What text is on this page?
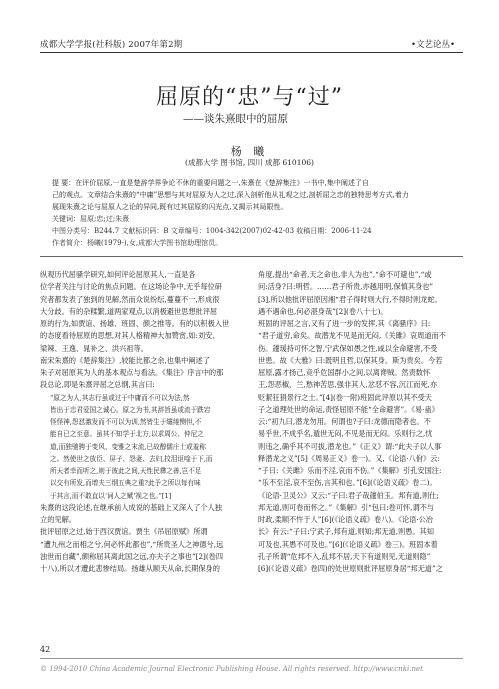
成都大学学报(社科版) 2007年第2期	•文艺论丛•
屈原的“忠”与“过”
——谈朱熹眼中的屈原
杨 曦
(成都大学 图书馆, 四川 成都 610106)
提 要：在评价屈原,一直是楚辞学界争论不休的重要问题之一,朱熹在《楚辞集注》一书中,集中阐述了自
己的观点。文章结合朱熹的“中庸”思想与其对屈原为人之过,深入剖析他从礼观之过,剖析屈之忠的独特思考方式,着力
展现朱熹之论与屈原人之论的异同,既有过其屈原的闪光点,又揭示其局限性。
关键词：屈原;忠;过;朱熹
中图分类号：B244.7 文献标识码：B 文章编号：1004-342(2007)02-42-03 收稿日期：2006-11-24
作者简介：杨曦(1979-),女,成都大学图书馆助理馆员。
纵观历代屈骚学研究,如何评论屈原其人,一直是各
位学者关注与讨论的焦点问题。在这场论争中,无乎每位研
究者都发表了独到的见解,然而众说纷纭,蔓蔓不一,形成很
大分歧。有的杂糅繁,道两家观点,以消极避世思想批评屈
原的行为,如贾谊、扬雄、班固、颜之推等。有的以积极入世
的态度看待屈原的思想,对其人格精神大加赞赏,如:刘安、
梁辣、王逸、晁补之、洪兴祖等。
南宋朱熹的《楚辞集注》,较能比都之余,也集中阐述了
朱子对屈原其为人的基本观点与看法。《集注》序言中的那
段总论,即是朱熹评屈之总纲,其言曰:
“原之为人,其志行虽或过于中庸而不可以为法,然
皆出于忠君爱国之诚心。原之为书,其辞旨虽或流于跌宕
怪怪神,怨怼激发而不可以为训,然皆生于缱绻恻怛,不
能自已之至意。虽其不知学于北方,以求周公、仲尼之
道,而独驰骋于变风、变雅之末流,已故醇儒庄士或羞称
之。然使世之放臣、屏子、怨妻、去妇,抆泪讴唫于下,而
所天者幸而听之,则于彼此之间,天性民彝之善,岂不足
以交有所发,而增夫三纲五典之重?此予之所以每有味
于其言,而不敢直以‘词人之赋’视之也。”[1]
朱熹的这段论述,在继承前人成说的基础上又深入了个人独
立的见解。
批评屈原之过,始于西汉贾谊。贾生《吊屈原赋》所谓
“遭九州之而相之兮,何必怀此都也”,“所贵圣人之神德兮,远
浊世而自藏”,颇称屈其离此国之远,亦夫子之事也”[2](卷四
十八),所以才遭此悲惨结局。扬雄从顺天从命,长期保身的
角度,提出“命者,天之命也,非人为也”,“命不可避也”,“或
问:活身?曰:明哲。……君子所贵,亦越用明,保慎其身也”
[3],所以他批评屈原因湘“君子得时则大行,不得时则龙蛇。
遇不遇命也,何必湛身哉”[2](卷八十七)。
班固的评屈之言,又有了进一步的发挥,其《离骚序》曰:
“君子道穷,命矣。故潜龙不见是而无闷,《关雎》哀周道而不
伤。蘧瑗持可怀之智,宁武保如愚之性,咸以全命避害,不受
世患。故《大雅》曰:既明且哲,以保其身。斯为贵矣。今若
屈原,露才扬己,竞乎危国群小之间,以离谗贼。然责数怀
王,怨恶椒、兰,愁神苦思,强非其人,忿怼不容,沉江而死,亦
贬絜狂狷景行之士。”[4](卷一附)班固此评原以其不受天
子之道理处世的命运,责怪屈原不能“全命避害”。《易·蛊》
云:“初九曰,潜龙勿用。何谓也?子曰:龙德而隐者也。不
易乎世,不成乎名,遁世无闷,不见是而无闷。乐则行之,忧
则违之,确乎其不可拔,潜龙也。”《正义》谓:“此夫子以人事
释潜龙之义”[5]《周易正义》卷一)。又,《论语·八佾》云:
“子曰:《关雎》乐而不淫,哀而不伤。”《集解》引孔安国注:
“乐不至淫,哀不至伤,言其和也。”[6](《论语义疏》卷二)。
《论语·卫灵公》又云:“子曰:君子哉蘧伯玉。邦有道,则仕;
邦无道,则可卷而怀之。”《集解》引“包曰:卷可怀,谓不与
时政,柔顺不忤于人”[6](《论语义疏》卷八)。《论语·公冶
长》有云:“子曰:宁武子,邦有道,则知;邦无道,则愚。其知
可及也,其愚不可及也。”[6](《论语义疏》卷三)。班固本着
孔子所谓“危邦不入,乱邦不居,天下有道则见,无道则隐”
[6](《论语义疏》卷四)的处世原则批评屈原身居“邦无道”之
42
© 1994-2010 China Academic Journal Electronic Publishing House. All rights reserved. http://www.cnki.net
